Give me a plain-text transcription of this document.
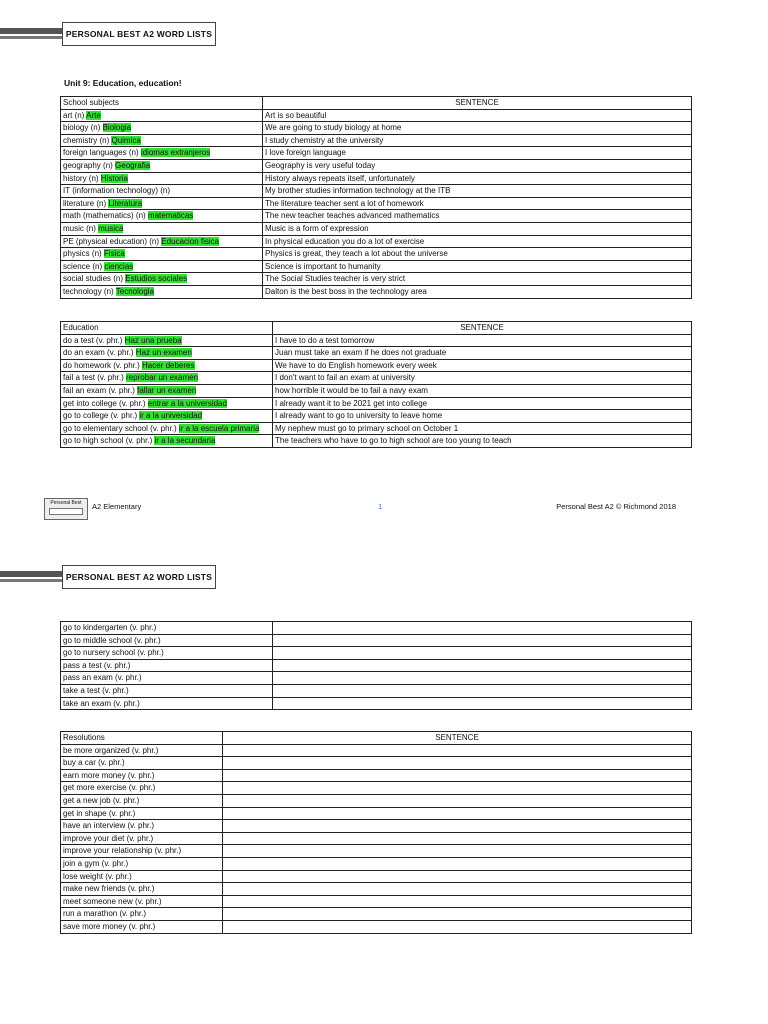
PERSONAL BEST A2 WORD LISTS
Unit 9: Education, education!
School subjects	SENTENCE
art (n) Arte	Art is so beautiful
biology (n) Biologia	We are going to study biology at home
chemistry (n) Quimica	I study chemistry at the university
foreign languages (n) idiomas extranjeros	I love foreign language
geography (n) Geografia	Geography is very useful today
history (n) Historia	History always repeats itself, unfortunately
IT (information technology) (n)	My brother studies information technology at the ITB
literature (n) Literatura	The literature teacher sent a lot of homework
math (mathematics) (n) matematicas	The new teacher teaches advanced mathematics
music (n) musica	Music is a form of expression
PE (physical education) (n) Educacion fisica	In physical education you do a lot of exercise
physics (n) Fisica	Physics is great, they teach a lot about the universe
science (n) ciencias	Science is important to humanity
social studies (n) Estudios sociales	The Social Studies teacher is very strict
technology (n) Tecnologia	Dalton is the best boss in the technology area
Education	SENTENCE
do a test (v. phr.) Haz una prueba	I have to do a test tomorrow
do an exam (v. phr.) Haz un examen	Juan must take an exam if he does not graduate
do homework (v. phr.) Hacer deberes	We have to do English homework every week
fail a test (v. phr.) reprobar un examen	I don't want to fail an exam at university
fail an exam (v. phr.) fallar un examen	how horrible it would be to fail a navy exam
get into college (v. phr.) entrar a la universidad	I already want it to be 2021 get into college
go to college (v. phr.) ir a la universidad	I already want to go to university to leave home
go to elementary school (v. phr.) ir a la escuela primaria	My nephew must go to primary school on October 1
go to high school (v. phr.) ir a la secundaria	The teachers who have to go to high school are too young to teach
Personal Best	A2 Elementary	1	Personal Best A2 © Richmond 2018
PERSONAL BEST A2 WORD LISTS
go to kindergarten (v. phr.)	
go to middle school (v. phr.)	
go to nursery school (v. phr.)	
pass a test (v. phr.)	
pass an exam (v. phr.)	
take a test (v. phr.)	
take an exam (v. phr.)	
Resolutions	SENTENCE
be more organized (v. phr.)	
buy a car (v. phr.)	
earn more money (v. phr.)	
get more exercise (v. phr.)	
get a new job (v. phr.)	
get in shape (v. phr.)	
have an interview (v. phr.)	
improve your diet (v. phr.)	
improve your relationship (v. phr.)	
join a gym (v. phr.)	
lose weight (v. phr.)	
make new friends (v. phr.)	
meet someone new (v. phr.)	
run a marathon (v. phr.)	
save more money (v. phr.)	
